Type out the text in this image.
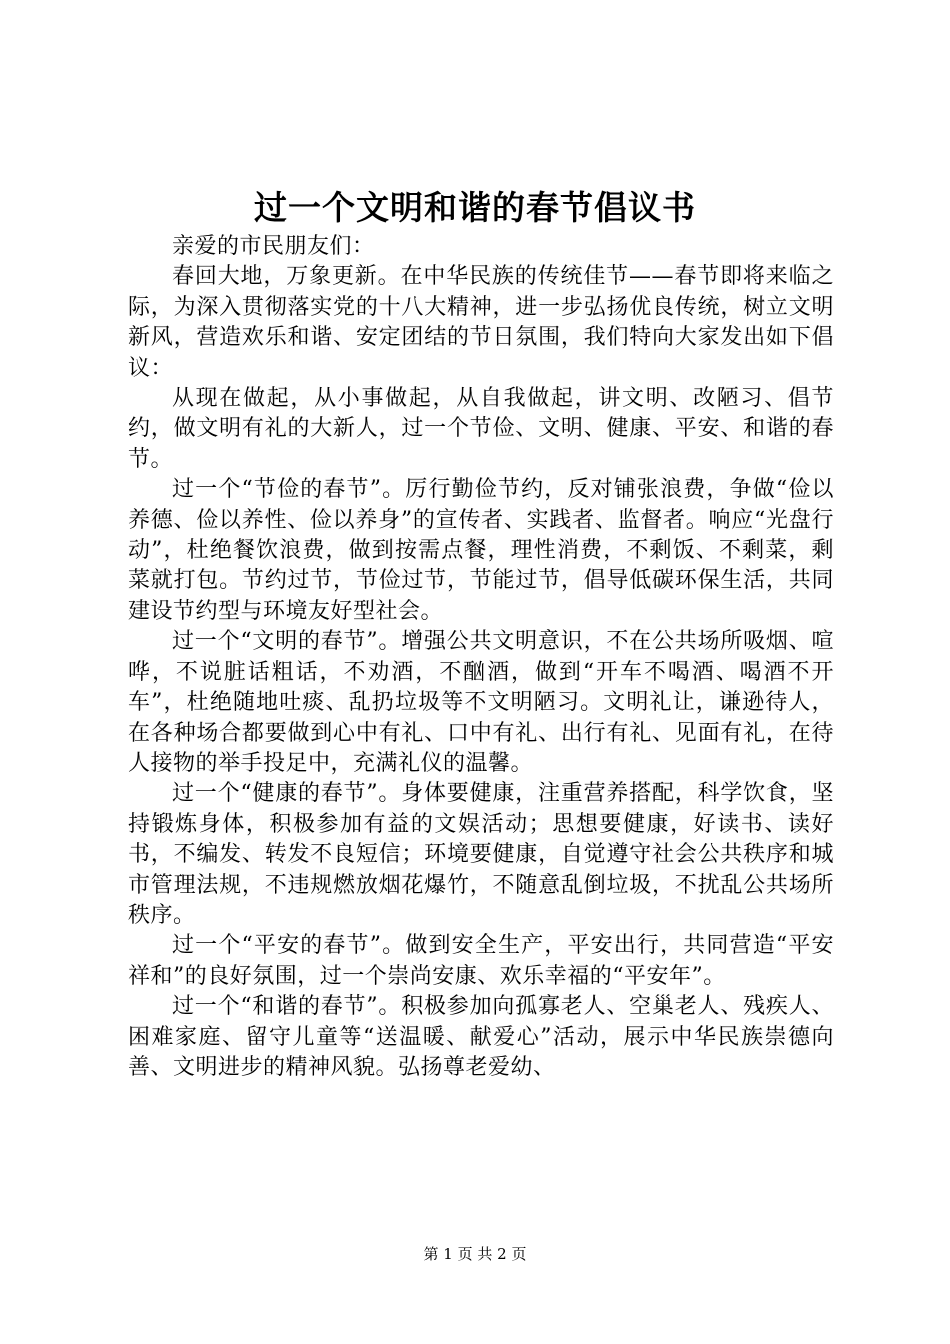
过一个文明和谐的春节倡议书

亲爱的市民朋友们：

春回大地，万象更新。在中华民族的传统佳节——春节即将来临之际，为深入贯彻落实党的十八大精神，进一步弘扬优良传统，树立文明新风，营造欢乐和谐、安定团结的节日氛围，我们特向大家发出如下倡议：

从现在做起，从小事做起，从自我做起，讲文明、改陋习、倡节约，做文明有礼的大新人，过一个节俭、文明、健康、平安、和谐的春节。

过一个“节俭的春节”。厉行勤俭节约，反对铺张浪费，争做“俭以养德、俭以养性、俭以养身”的宣传者、实践者、监督者。响应“光盘行动”，杜绝餐饮浪费，做到按需点餐，理性消费，不剩饭、不剩菜，剩菜就打包。节约过节，节俭过节，节能过节，倡导低碳环保生活，共同建设节约型与环境友好型社会。

过一个“文明的春节”。增强公共文明意识，不在公共场所吸烟、喧哗，不说脏话粗话，不劝酒，不酗酒，做到“开车不喝酒、喝酒不开车”，杜绝随地吐痰、乱扔垃圾等不文明陋习。文明礼让，谦逊待人，在各种场合都要做到心中有礼、口中有礼、出行有礼、见面有礼，在待人接物的举手投足中，充满礼仪的温馨。

过一个“健康的春节”。身体要健康，注重营养搭配，科学饮食，坚持锻炼身体，积极参加有益的文娱活动；思想要健康，好读书、读好书，不编发、转发不良短信；环境要健康，自觉遵守社会公共秩序和城市管理法规，不违规燃放烟花爆竹，不随意乱倒垃圾，不扰乱公共场所秩序。

过一个“平安的春节”。做到安全生产，平安出行，共同营造“平安祥和”的良好氛围，过一个崇尚安康、欢乐幸福的“平安年”。

过一个“和谐的春节”。积极参加向孤寡老人、空巢老人、残疾人、困难家庭、留守儿童等“送温暖、献爱心”活动，展示中华民族崇德向善、文明进步的精神风貌。弘扬尊老爱幼、

第 1 页 共 2 页
